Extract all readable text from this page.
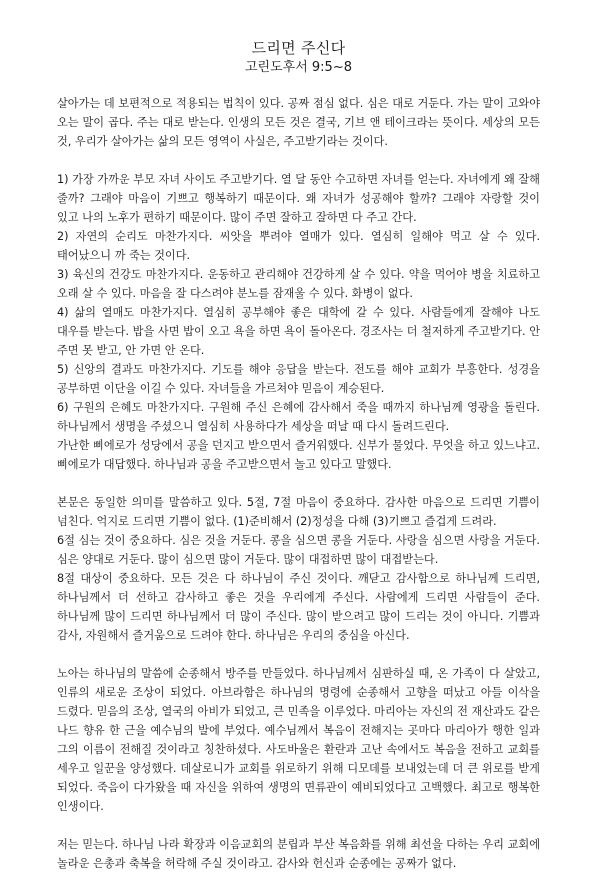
드리면 주신다
고린도후서 9:5~8

살아가는 데 보편적으로 적용되는 법칙이 있다. 공짜 점심 없다. 심은 대로 거둔다. 가는 말이 고와야 오는 말이 곱다. 주는 대로 받는다. 인생의 모든 것은 결국, 기브 앤 테이크라는 뜻이다. 세상의 모든 것, 우리가 살아가는 삶의 모든 영역이 사실은, 주고받기라는 것이다.

1) 가장 가까운 부모 자녀 사이도 주고받기다. 열 달 동안 수고하면 자녀를 얻는다. 자녀에게 왜 잘해 줄까? 그래야 마음이 기쁘고 행복하기 때문이다. 왜 자녀가 성공해야 할까? 그래야 자랑할 것이 있고 나의 노후가 편하기 때문이다. 많이 주면 잘하고 잘하면 다 주고 간다.

2) 자연의 순리도 마찬가지다. 씨앗을 뿌려야 열매가 있다. 열심히 일해야 먹고 살 수 있다. 태어났으니 까 죽는 것이다.

3) 육신의 건강도 마찬가지다. 운동하고 관리해야 건강하게 살 수 있다. 약을 먹어야 병을 치료하고 오래 살 수 있다. 마음을 잘 다스려야 분노를 잠재울 수 있다. 화병이 없다.

4) 삶의 열매도 마찬가지다. 열심히 공부해야 좋은 대학에 갈 수 있다. 사람들에게 잘해야 나도 대우를 받는다. 밥을 사면 밥이 오고 욕을 하면 욕이 돌아온다. 경조사는 더 철저하게 주고받기다. 안 주면 못 받고, 안 가면 안 온다.

5) 신앙의 결과도 마찬가지다. 기도를 해야 응답을 받는다. 전도를 해야 교회가 부흥한다. 성경을 공부하면 이단을 이길 수 있다. 자녀들을 가르쳐야 믿음이 계승된다.

6) 구원의 은혜도 마찬가지다. 구원해 주신 은혜에 감사해서 죽을 때까지 하나님께 영광을 돌린다. 하나님께서 생명을 주셨으니 열심히 사용하다가 세상을 떠날 때 다시 돌려드린다.

가난한 삐에로가 성당에서 공을 던지고 받으면서 즐거워했다. 신부가 물었다. 무엇을 하고 있느냐고. 삐에로가 대답했다. 하나님과 공을 주고받으면서 놀고 있다고 말했다.

본문은 동일한 의미를 말씀하고 있다. 5절, 7절 마음이 중요하다. 감사한 마음으로 드리면 기쁨이 넘친다. 억지로 드리면 기쁨이 없다. (1)준비해서 (2)정성을 다해 (3)기쁘고 즐겁게 드려라.

6절 심는 것이 중요하다. 심은 것을 거둔다. 콩을 심으면 콩을 거둔다. 사랑을 심으면 사랑을 거둔다. 심은 양대로 거둔다. 많이 심으면 많이 거둔다. 많이 대접하면 많이 대접받는다.

8절 대상이 중요하다. 모든 것은 다 하나님이 주신 것이다. 깨닫고 감사함으로 하나님께 드리면, 하나님께서 더 선하고 감사하고 좋은 것을 우리에게 주신다. 사람에게 드리면 사람들이 준다. 하나님께 많이 드리면 하나님께서 더 많이 주신다. 많이 받으려고 많이 드리는 것이 아니다. 기쁨과 감사, 자원해서 즐거움으로 드려야 한다. 하나님은 우리의 중심을 아신다.

노아는 하나님의 말씀에 순종해서 방주를 만들었다. 하나님께서 심판하실 때, 온 가족이 다 살았고, 인류의 새로운 조상이 되었다. 아브라함은 하나님의 명령에 순종해서 고향을 떠났고 아들 이삭을 드렸다. 믿음의 조상, 열국의 아비가 되었고, 큰 민족을 이루었다. 마리아는 자신의 전 재산과도 같은 나드 향유 한 근을 예수님의 발에 부었다. 예수님께서 복음이 전해지는 곳마다 마리아가 행한 일과 그의 이름이 전해질 것이라고 칭찬하셨다. 사도바울은 환란과 고난 속에서도 복음을 전하고 교회를 세우고 일꾼을 양성했다. 데살로니가 교회를 위로하기 위해 디모데를 보내었는데 더 큰 위로를 받게 되었다. 죽음이 다가왔을 때 자신을 위하여 생명의 면류관이 예비되었다고 고백했다. 최고로 행복한 인생이다.

저는 믿는다. 하나님 나라 확장과 이음교회의 분립과 부산 복음화를 위해 최선을 다하는 우리 교회에 놀라운 은총과 축복을 허락해 주실 것이라고. 감사와 헌신과 순종에는 공짜가 없다.
